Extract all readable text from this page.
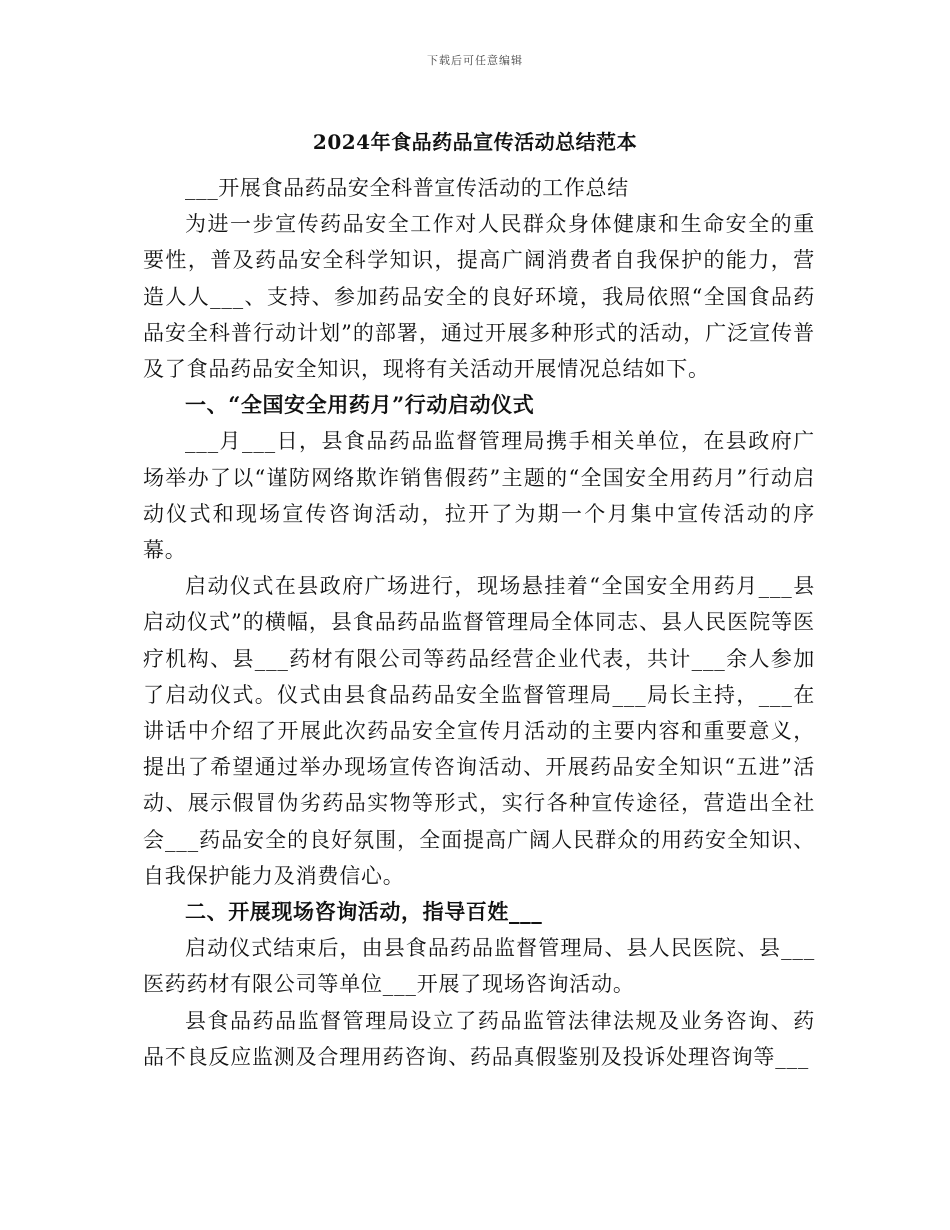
下载后可任意编辑
2024年食品药品宣传活动总结范本

___开展食品药品安全科普宣传活动的工作总结

为进一步宣传药品安全工作对人民群众身体健康和生命安全的重要性，普及药品安全科学知识，提高广阔消费者自我保护的能力，营造人人___、支持、参加药品安全的良好环境，我局依照“全国食品药品安全科普行动计划”的部署，通过开展多种形式的活动，广泛宣传普及了食品药品安全知识，现将有关活动开展情况总结如下。

一、“全国安全用药月”行动启动仪式

___月___日，县食品药品监督管理局携手相关单位，在县政府广场举办了以“谨防网络欺诈销售假药”主题的“全国安全用药月”行动启动仪式和现场宣传咨询活动，拉开了为期一个月集中宣传活动的序幕。

启动仪式在县政府广场进行，现场悬挂着“全国安全用药月___县启动仪式”的横幅，县食品药品监督管理局全体同志、县人民医院等医疗机构、县___药材有限公司等药品经营企业代表，共计___余人参加了启动仪式。仪式由县食品药品安全监督管理局___局长主持，___在讲话中介绍了开展此次药品安全宣传月活动的主要内容和重要意义，提出了希望通过举办现场宣传咨询活动、开展药品安全知识“五进”活动、展示假冒伪劣药品实物等形式，实行各种宣传途径，营造出全社会___药品安全的良好氛围，全面提高广阔人民群众的用药安全知识、自我保护能力及消费信心。

二、开展现场咨询活动，指导百姓___

启动仪式结束后，由县食品药品监督管理局、县人民医院、县___医药药材有限公司等单位___开展了现场咨询活动。

县食品药品监督管理局设立了药品监管法律法规及业务咨询、药品不良反应监测及合理用药咨询、药品真假鉴别及投诉处理咨询等___
